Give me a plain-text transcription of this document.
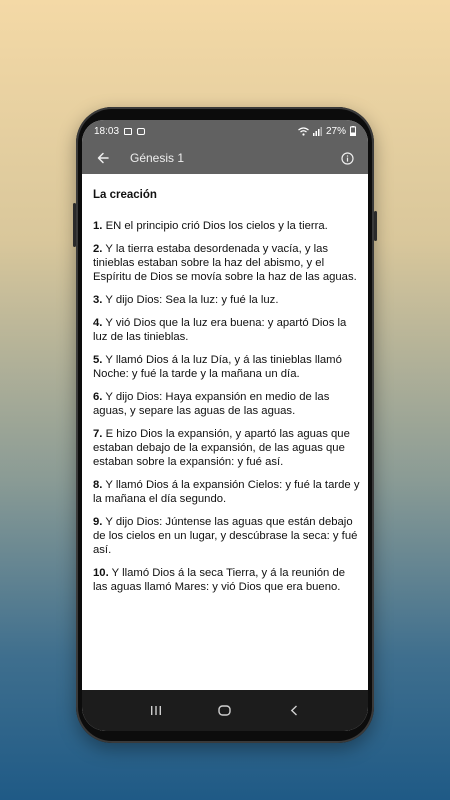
18:03	27%
Génesis 1
La creación

1. EN el principio crió Dios los cielos y la tierra.

2. Y la tierra estaba desordenada y vacía, y las tinieblas estaban sobre la haz del abismo, y el Espíritu de Dios se movía sobre la haz de las aguas.

3. Y dijo Dios: Sea la luz: y fué la luz.

4. Y vió Dios que la luz era buena: y apartó Dios la luz de las tinieblas.

5. Y llamó Dios á la luz Día, y á las tinieblas llamó Noche: y fué la tarde y la mañana un día.

6. Y dijo Dios: Haya expansión en medio de las aguas, y separe las aguas de las aguas.

7. E hizo Dios la expansión, y apartó las aguas que estaban debajo de la expansión, de las aguas que estaban sobre la expansión: y fué así.

8. Y llamó Dios á la expansión Cielos: y fué la tarde y la mañana el día segundo.

9. Y dijo Dios: Júntense las aguas que están debajo de los cielos en un lugar, y descúbrase la seca: y fué así.

10. Y llamó Dios á la seca Tierra, y á la reunión de las aguas llamó Mares: y vió Dios que era bueno.
